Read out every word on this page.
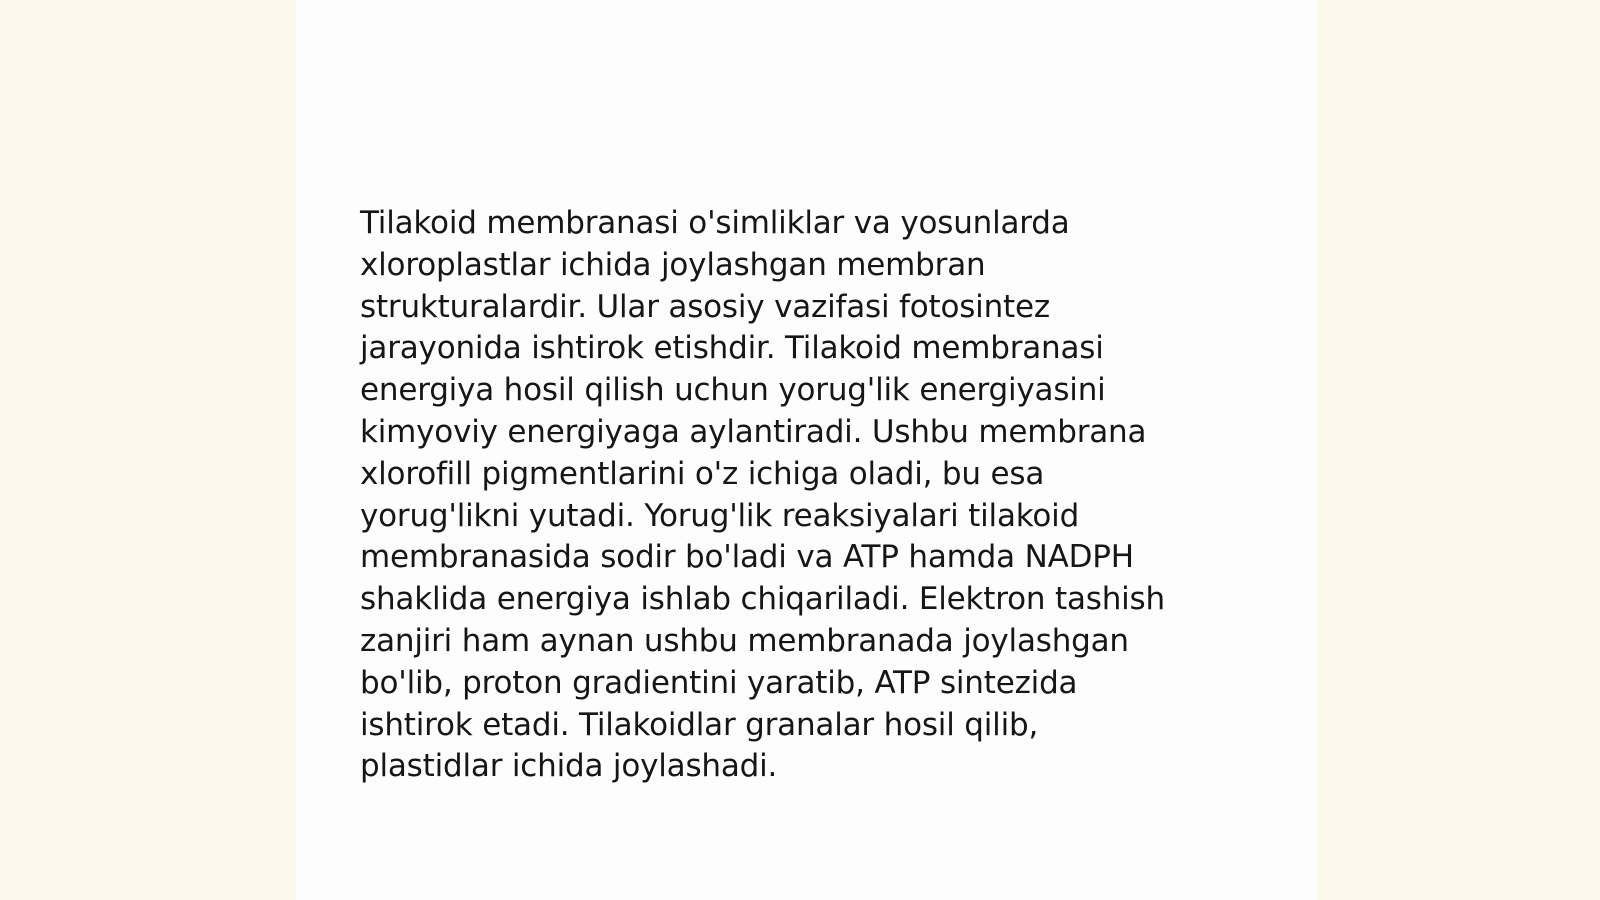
Tilakoid membranasi o'simliklar va yosunlarda
xloroplastlar ichida joylashgan membran
strukturalardir. Ular asosiy vazifasi fotosintez
jarayonida ishtirok etishdir. Tilakoid membranasi
energiya hosil qilish uchun yorug'lik energiyasini
kimyoviy energiyaga aylantiradi. Ushbu membrana
xlorofill pigmentlarini o'z ichiga oladi, bu esa
yorug'likni yutadi. Yorug'lik reaksiyalari tilakoid
membranasida sodir bo'ladi va ATP hamda NADPH
shaklida energiya ishlab chiqariladi. Elektron tashish
zanjiri ham aynan ushbu membranada joylashgan
bo'lib, proton gradientini yaratib, ATP sintezida
ishtirok etadi. Tilakoidlar granalar hosil qilib,
plastidlar ichida joylashadi.
